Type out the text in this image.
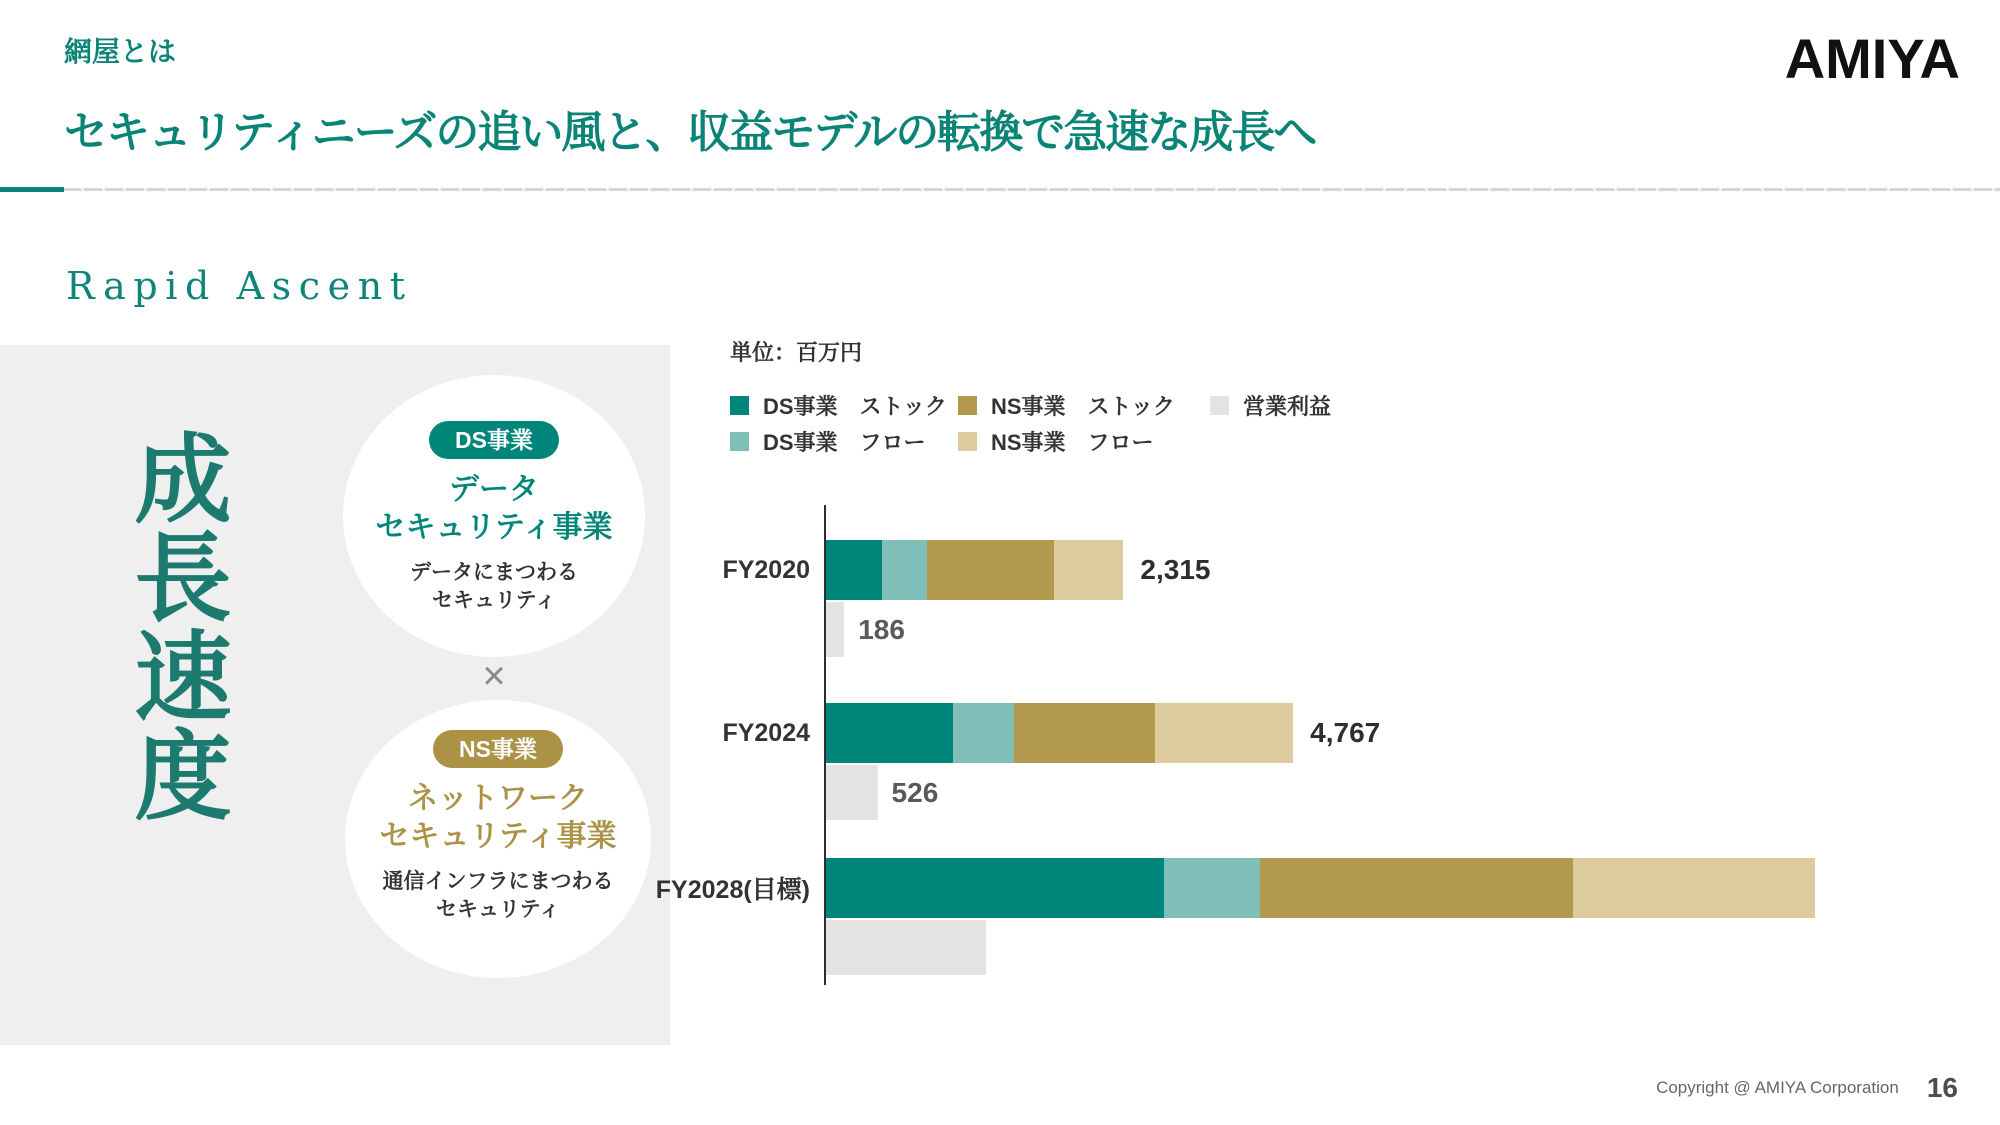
網屋とは	AMIYA
セキュリティニーズの追い風と、収益モデルの転換で急速な成長へ
Rapid Ascent
成長速度	DS事業
データ
セキュリティ事業
データにまつわる
セキュリティ
×
NS事業
ネットワーク
セキュリティ事業
通信インフラにまつわる
セキュリティ
単位：百万円
DS事業　ストック NS事業　ストック	営業利益
DS事業　フロー	NS事業　フロー
FY2020	2,315
186
FY2024	4,767
526
FY2028(目標)
Copyright @ AMIYA Corporation 16
